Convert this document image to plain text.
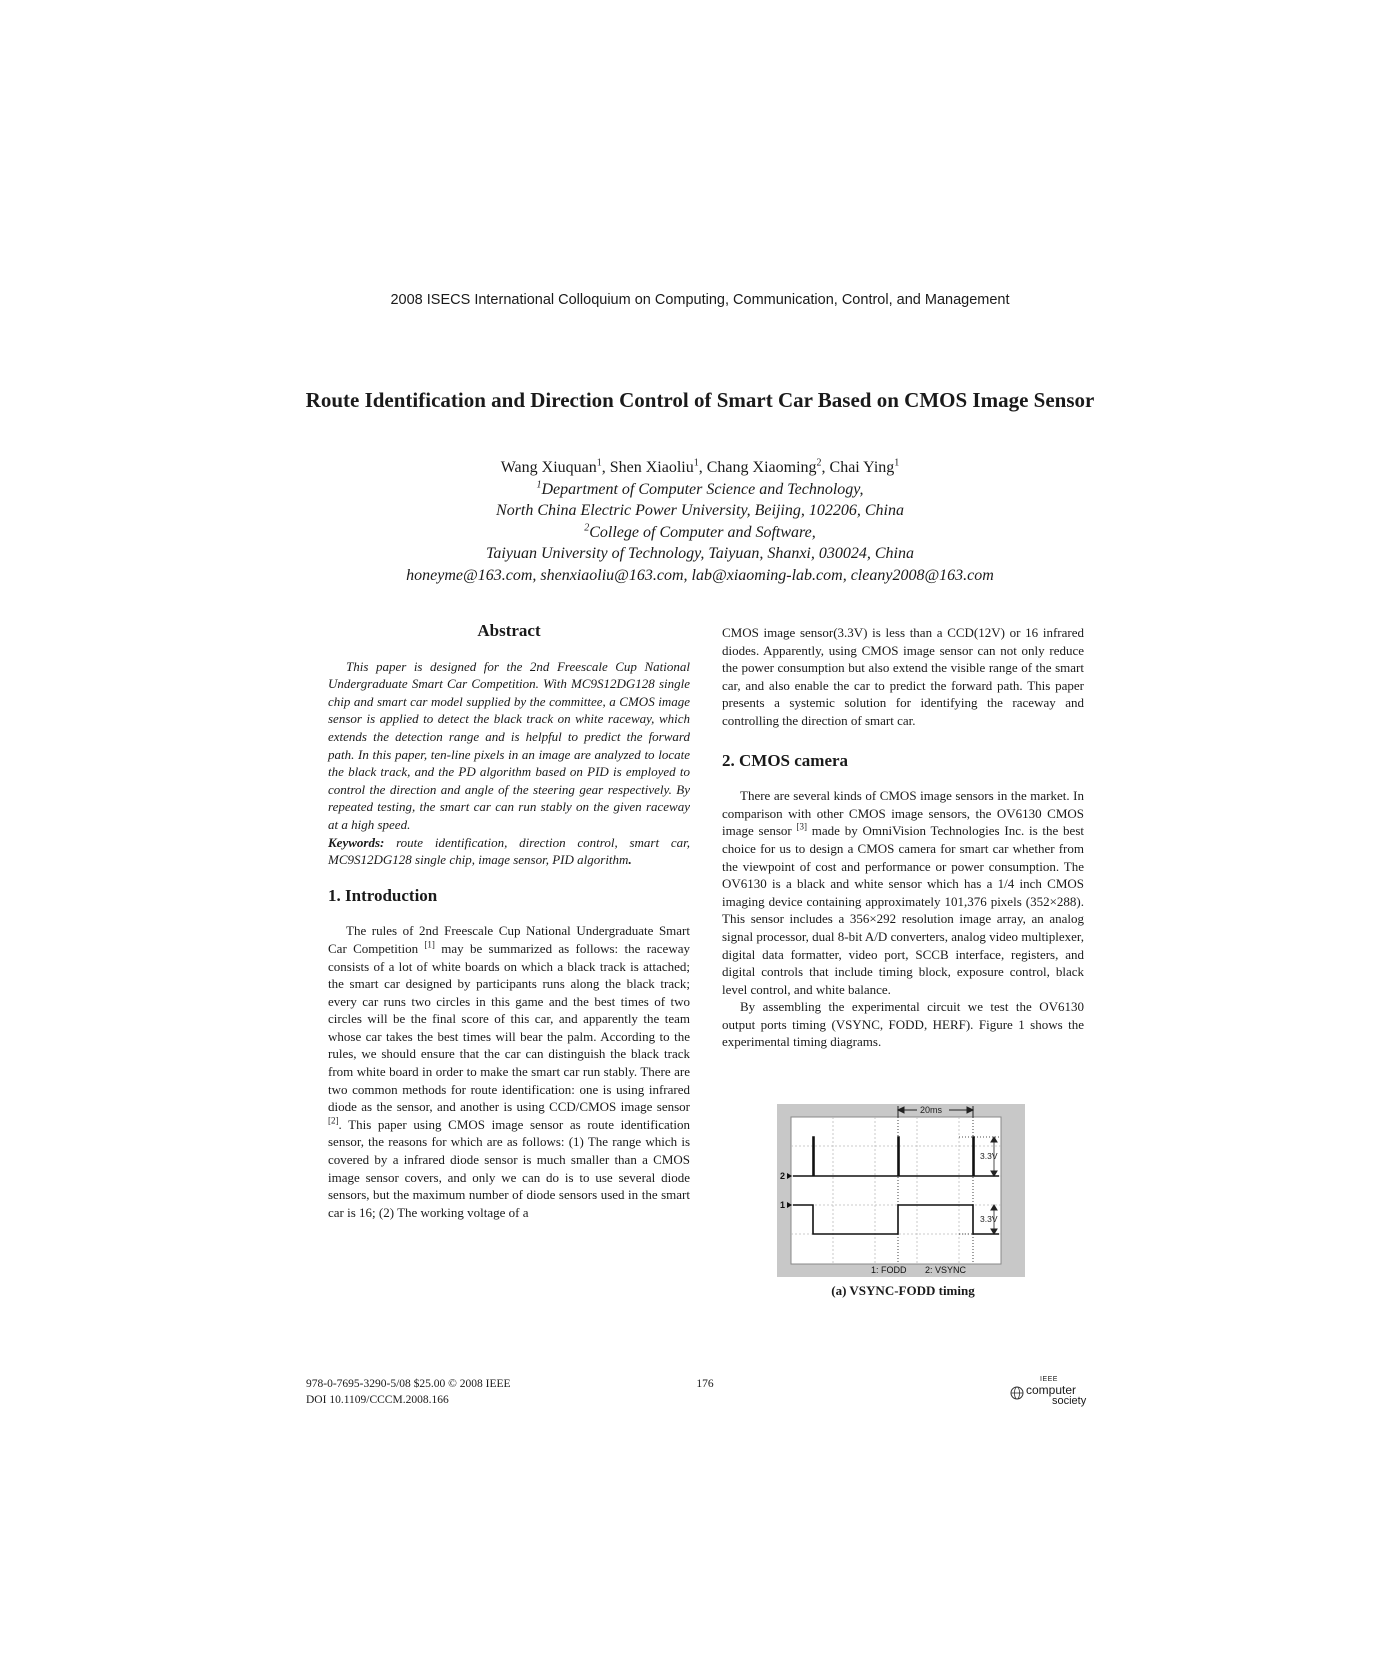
2008 ISECS International Colloquium on Computing, Communication, Control, and Management
Route Identification and Direction Control of Smart Car Based on CMOS Image Sensor
Wang Xiuquan$^1$, Shen Xiaoliu$^1$, Chang Xiaoming$^2$, Chai Ying$^1$
$^1$Department of Computer Science and Technology,
North China Electric Power University, Beijing, 102206, China
$^2$College of Computer and Software,
Taiyuan University of Technology, Taiyuan, Shanxi, 030024, China
honeyme@163.com, shenxiaoliu@163.com, lab@xiaoming-lab.com, cleany2008@163.com
Abstract

This paper is designed for the 2nd Freescale Cup National Undergraduate Smart Car Competition. With MC9S12DG128 single chip and smart car model supplied by the committee, a CMOS image sensor is applied to detect the black track on white raceway, which extends the detection range and is helpful to predict the forward path. In this paper, ten-line pixels in an image are analyzed to locate the black track, and the PD algorithm based on PID is employed to control the direction and angle of the steering gear respectively. By repeated testing, the smart car can run stably on the given raceway at a high speed.

Keywords: route identification, direction control, smart car, MC9S12DG128 single chip, image sensor, PID algorithm.

1. Introduction

The rules of 2nd Freescale Cup National Undergraduate Smart Car Competition [1] may be summarized as follows: the raceway consists of a lot of white boards on which a black track is attached; the smart car designed by participants runs along the black track; every car runs two circles in this game and the best times of two circles will be the final score of this car, and apparently the team whose car takes the best times will bear the palm. According to the rules, we should ensure that the car can distinguish the black track from white board in order to make the smart car run stably. There are two common methods for route identification: one is using infrared diode as the sensor, and another is using CCD/CMOS image sensor [2]. This paper using CMOS image sensor as route identification sensor, the reasons for which are as follows: (1) The range which is covered by a infrared diode sensor is much smaller than a CMOS image sensor covers, and only we can do is to use several diode sensors, but the maximum number of diode sensors used in the smart car is 16; (2) The working voltage of a

CMOS image sensor(3.3V) is less than a CCD(12V) or 16 infrared diodes. Apparently, using CMOS image sensor can not only reduce the power consumption but also extend the visible range of the smart car, and also enable the car to predict the forward path. This paper presents a systemic solution for identifying the raceway and controlling the direction of smart car.

2. CMOS camera

There are several kinds of CMOS image sensors in the market. In comparison with other CMOS image sensors, the OV6130 CMOS image sensor [3] made by OmniVision Technologies Inc. is the best choice for us to design a CMOS camera for smart car whether from the viewpoint of cost and performance or power consumption. The OV6130 is a black and white sensor which has a 1/4 inch CMOS imaging device containing approximately 101,376 pixels (352×288). This sensor includes a 356×292 resolution image array, an analog signal processor, dual 8-bit A/D converters, analog video multiplexer, digital data formatter, video port, SCCB interface, registers, and digital controls that include timing block, exposure control, black level control, and white balance.

By assembling the experimental circuit we test the OV6130 output ports timing (VSYNC, FODD, HERF). Figure 1 shows the experimental timing diagrams.

20ms
3.3V
3.3V
2
1
1: FODD 2: VSYNC
(a) VSYNC-FODD timing
978-0-7695-3290-5/08 $25.00 © 2008 IEEE
DOI 10.1109/CCCM.2008.166
176	IEEE
computer
society
